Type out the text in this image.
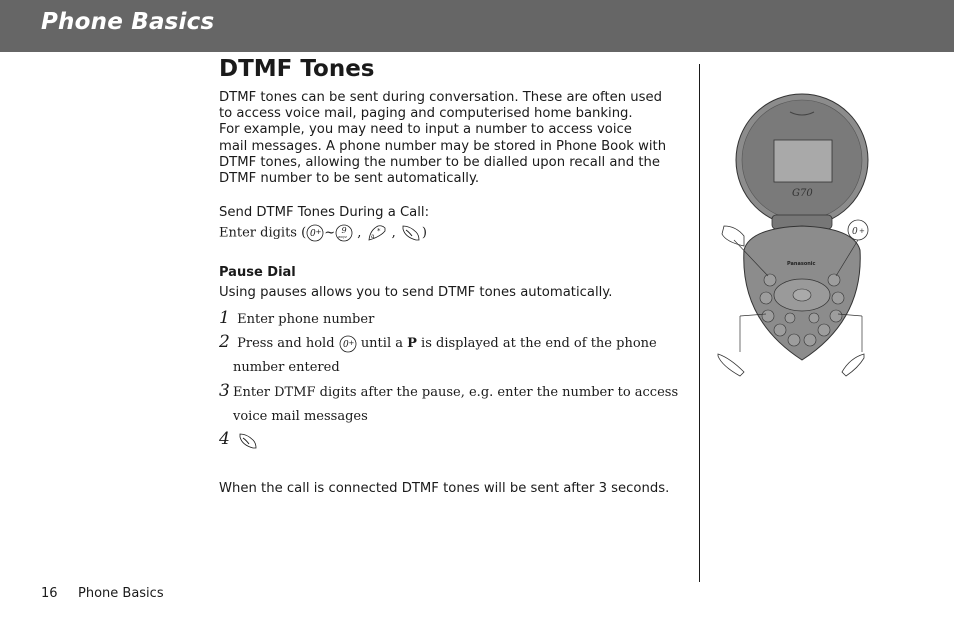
Phone Basics
DTMF Tones
DTMF tones can be sent during conversation. These are often used
to access voice mail, paging and computerised home banking.
For example, you may need to input a number to access voice
mail messages. A phone number may be stored in Phone Book with
DTMF tones, allowing the number to be dialled upon recall and the
DTMF number to be sent automatically.
Send DTMF Tones During a Call:
Enter digits ( 0 + ~ 9
wxyz , a
* , )
Pause Dial
Using pauses allows you to send DTMF tones automatically.
1 Enter phone number
2 Press and hold 0 + until a P is displayed at the end of the phone
number entered
3 Enter DTMF digits after the pause, e.g. enter the number to access
voice mail messages
4
When the call is connected DTMF tones will be sent after 3 seconds.
G70
Panasonic
0 +
16 Phone Basics
